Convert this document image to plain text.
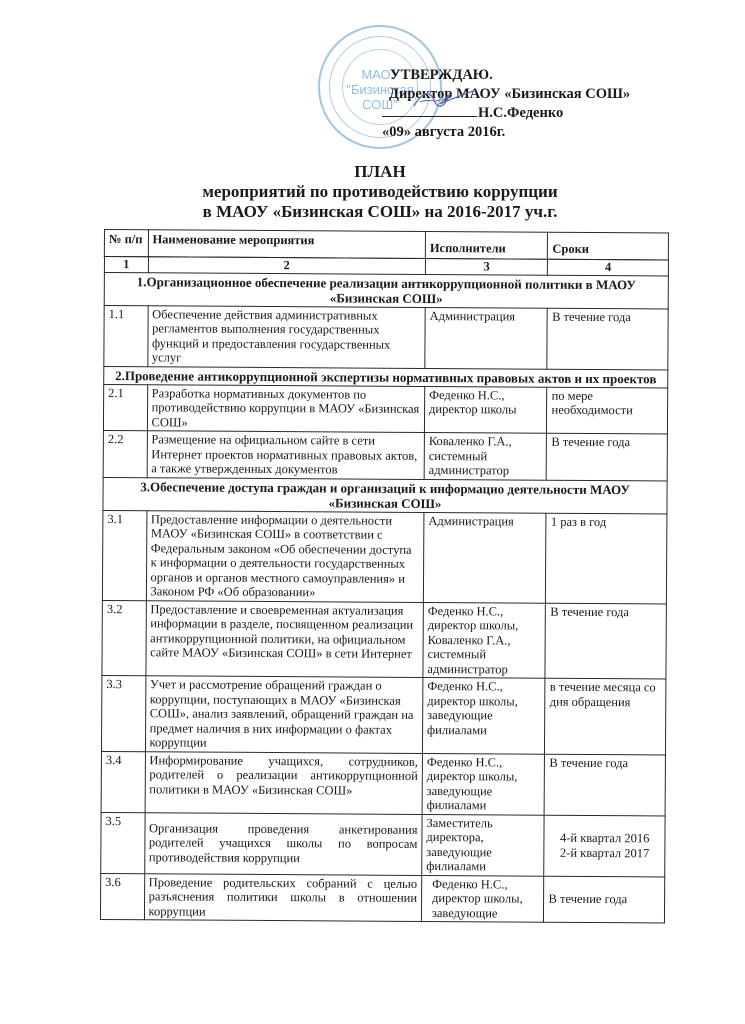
МАОУ
"Бизинская
СОШ"
УТВЕРЖДАЮ.
Директор МАОУ «Бизинская СОШ»
Н.С.Феденко
«09» августа 2016г.
ПЛАН
мероприятий по противодействию коррупции
в МАОУ «Бизинская СОШ» на 2016-2017 уч.г.
№ п/п	Наименование мероприятия	Исполнители	Сроки
1	2	3	4
1.Организационное обеспечение реализации антикоррупционной политики в МАОУ «Бизинская СОШ»			
1.1	Обеспечение действия административных регламентов выполнения государственных функций и предоставления государственных услуг	Администрация	В течение года
2.Проведение антикоррупционной экспертизы нормативных правовых актов и их проектов			
2.1	Разработка нормативных документов по противодействию коррупции в МАОУ «Бизинская СОШ»	Феденко Н.С., директор школы	по мере необходимости
2.2	Размещение на официальном сайте в сети Интернет проектов нормативных правовых актов, а также утвержденных документов	Коваленко Г.А., системный администратор	В течение года
3.Обеспечение доступа граждан и организаций к информацио деятельности МАОУ «Бизинская СОШ»			
3.1	Предоставление информации о деятельности МАОУ «Бизинская СОШ» в соответствии с Федеральным законом «Об обеспечении доступа к информации о деятельности государственных органов и органов местного самоуправления» и Законом РФ «Об образовании»	Администрация	1 раз в год
3.2	Предоставление и своевременная актуализация информации в разделе, посвященном реализации антикоррупционной политики, на официальном сайте МАОУ «Бизинская СОШ» в сети Интернет	Феденко Н.С., директор школы, Коваленко Г.А., системный администратор	В течение года
3.3	Учет и рассмотрение обращений граждан о коррупции, поступающих в МАОУ «Бизинская СОШ», анализ заявлений, обращений граждан на предмет наличия в них информации о фактах коррупции	Феденко Н.С., директор школы, заведующие филиалами	в течение месяца со дня обращения
3.4	Информирование учащихся, сотрудников, родителей о реализации антикоррупционной политики в МАОУ «Бизинская СОШ»	Феденко Н.С., директор школы, заведующие филиалами	В течение года
3.5	Организация проведения анкетирования родителей учащихся школы по вопросам противодействия коррупции	Заместитель директора, заведующие филиалами	4-й квартал 2016
2-й квартал 2017

3.6	Проведение родительских собраний с целью разъяснения политики школы в отношении коррупции	Феденко Н.С., директор школы, заведующие	В течение года
